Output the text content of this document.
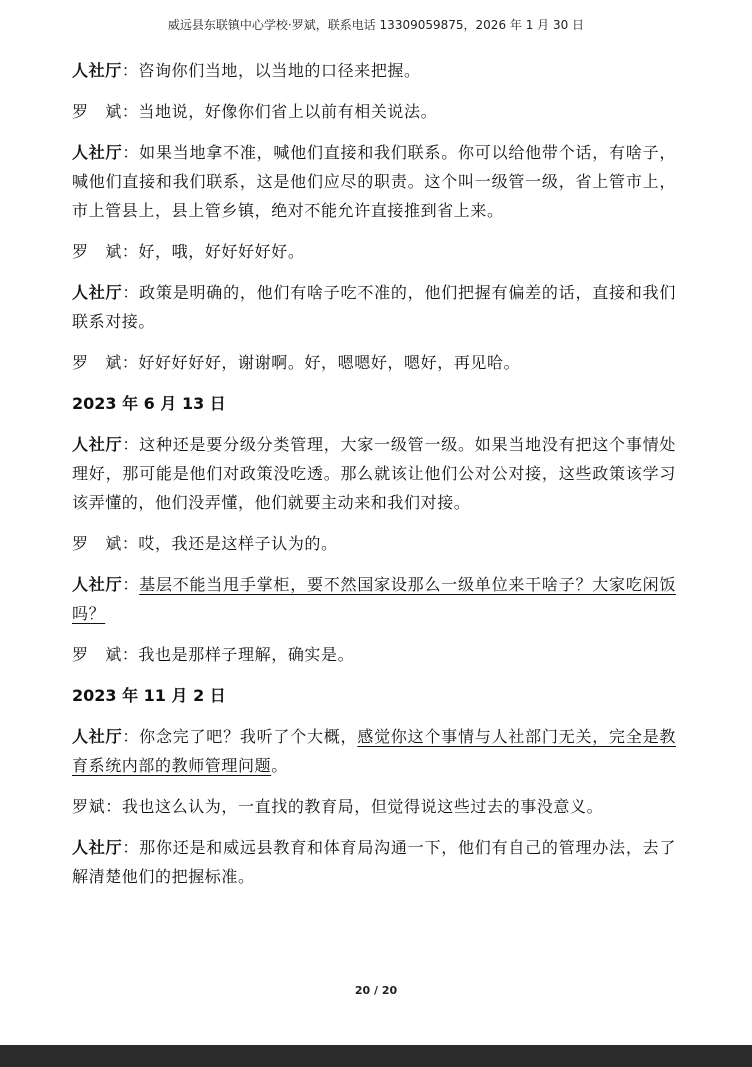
威远县东联镇中心学校·罗斌，联系电话 13309059875，2026 年 1 月 30 日

人社厅：咨询你们当地，以当地的口径来把握。

罗　斌：当地说，好像你们省上以前有相关说法。

人社厅：如果当地拿不准，喊他们直接和我们联系。你可以给他带个话，有啥子，喊他们直接和我们联系，这是他们应尽的职责。这个叫一级管一级，省上管市上，市上管县上，县上管乡镇，绝对不能允许直接推到省上来。

罗　斌：好，哦，好好好好好。

人社厅：政策是明确的，他们有啥子吃不准的，他们把握有偏差的话，直接和我们联系对接。

罗　斌：好好好好好，谢谢啊。好，嗯嗯好，嗯好，再见哈。

2023 年 6 月 13 日

人社厅：这种还是要分级分类管理，大家一级管一级。如果当地没有把这个事情处理好，那可能是他们对政策没吃透。那么就该让他们公对公对接，这些政策该学习该弄懂的，他们没弄懂，他们就要主动来和我们对接。

罗　斌：哎，我还是这样子认为的。

人社厅：基层不能当甩手掌柜，要不然国家设那么一级单位来干啥子？大家吃闲饭吗？

罗　斌：我也是那样子理解，确实是。

2023 年 11 月 2 日

人社厅：你念完了吧？我听了个大概，感觉你这个事情与人社部门无关，完全是教育系统内部的教师管理问题。

罗斌：我也这么认为，一直找的教育局，但觉得说这些过去的事没意义。

人社厅：那你还是和威远县教育和体育局沟通一下，他们有自己的管理办法，去了解清楚他们的把握标准。

20 / 20
